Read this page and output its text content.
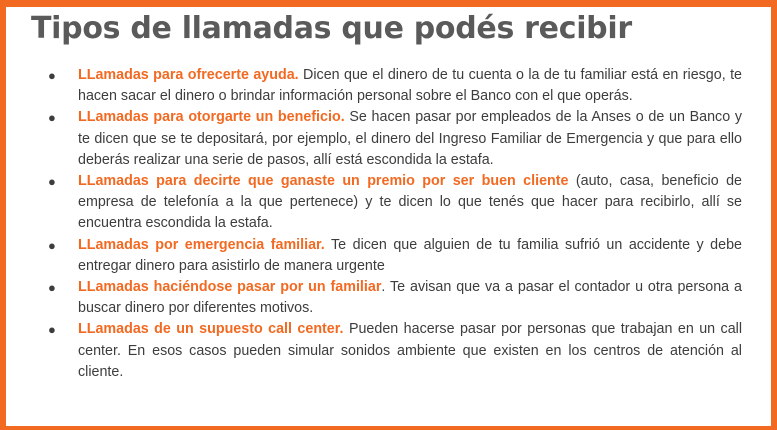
Tipos de llamadas que podés recibir
● LLamadas para ofrecerte ayuda. Dicen que el dinero de tu cuenta o la de tu familiar está en riesgo, te hacen sacar el dinero o brindar información personal sobre el Banco con el que operás.
● LLamadas para otorgarte un beneficio. Se hacen pasar por empleados de la Anses o de un Banco y te dicen que se te depositará, por ejemplo, el dinero del Ingreso Familiar de Emergencia y que para ello deberás realizar una serie de pasos, allí está escondida la estafa.
● LLamadas para decirte que ganaste un premio por ser buen cliente (auto, casa, beneficio de empresa de telefonía a la que pertenece) y te dicen lo que tenés que hacer para recibirlo, allí se encuentra escondida la estafa.
● LLamadas por emergencia familiar. Te dicen que alguien de tu familia sufrió un accidente y debe entregar dinero para asistirlo de manera urgente
● LLamadas haciéndose pasar por un familiar. Te avisan que va a pasar el contador u otra persona a buscar dinero por diferentes motivos.
● LLamadas de un supuesto call center. Pueden hacerse pasar por personas que trabajan en un call center. En esos casos pueden simular sonidos ambiente que existen en los centros de atención al cliente.
